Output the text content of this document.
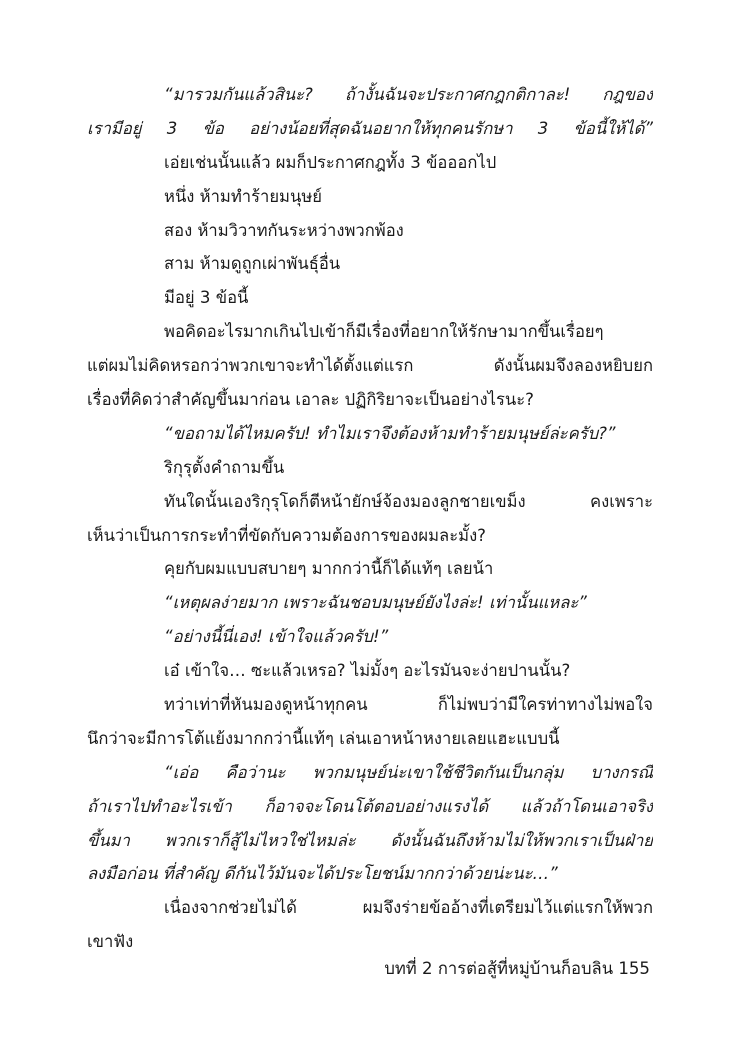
“มารวมกันแล้วสินะ? ถ้างั้นฉันจะประกาศกฎกติกาละ! กฎของ
เรามีอยู่ 3 ข้อ อย่างน้อยที่สุดฉันอยากให้ทุกคนรักษา 3 ข้อนี้ให้ได้”
เอ่ยเช่นนั้นแล้ว ผมก็ประกาศกฎทั้ง 3 ข้อออกไป
หนึ่ง ห้ามทำร้ายมนุษย์
สอง ห้ามวิวาทกันระหว่างพวกพ้อง
สาม ห้ามดูถูกเผ่าพันธุ์อื่น
มีอยู่ 3 ข้อนี้
พอคิดอะไรมากเกินไปเข้าก็มีเรื่องที่อยากให้รักษามากขึ้นเรื่อยๆ
แต่ผมไม่คิดหรอกว่าพวกเขาจะทำได้ตั้งแต่แรก ดังนั้นผมจึงลองหยิบยก
เรื่องที่คิดว่าสำคัญขึ้นมาก่อน เอาละ ปฏิกิริยาจะเป็นอย่างไรนะ?
“ขอถามได้ไหมครับ! ทำไมเราจึงต้องห้ามทำร้ายมนุษย์ล่ะครับ?”
ริกุรุตั้งคำถามขึ้น
ทันใดนั้นเองริกุรุโดก็ตีหน้ายักษ์จ้องมองลูกชายเขม็ง คงเพราะ
เห็นว่าเป็นการกระทำที่ขัดกับความต้องการของผมละมั้ง?
คุยกับผมแบบสบายๆ มากกว่านี้ก็ได้แท้ๆ เลยน้า
“เหตุผลง่ายมาก เพราะฉันชอบมนุษย์ยังไงล่ะ! เท่านั้นแหละ”
“อย่างนี้นี่เอง! เข้าใจแล้วครับ!”
เอ๋ เข้าใจ… ซะแล้วเหรอ? ไม่มั้งๆ อะไรมันจะง่ายปานนั้น?
ทว่าเท่าที่หันมองดูหน้าทุกคน ก็ไม่พบว่ามีใครท่าทางไม่พอใจ
นึกว่าจะมีการโต้แย้งมากกว่านี้แท้ๆ เล่นเอาหน้าหงายเลยแฮะแบบนี้
“เอ่อ คือว่านะ พวกมนุษย์น่ะเขาใช้ชีวิตกันเป็นกลุ่ม บางกรณี
ถ้าเราไปทำอะไรเข้า ก็อาจจะโดนโต้ตอบอย่างแรงได้ แล้วถ้าโดนเอาจริง
ขึ้นมา พวกเราก็สู้ไม่ไหวใช่ไหมล่ะ ดังนั้นฉันถึงห้ามไม่ให้พวกเราเป็นฝ่าย
ลงมือก่อน ที่สำคัญ ดีกันไว้มันจะได้ประโยชน์มากกว่าด้วยน่ะนะ…”
เนื่องจากช่วยไม่ได้ ผมจึงร่ายข้ออ้างที่เตรียมไว้แต่แรกให้พวก
เขาฟัง
บทที่ 2 การต่อสู้ที่หมู่บ้านก็อบลิน 155
